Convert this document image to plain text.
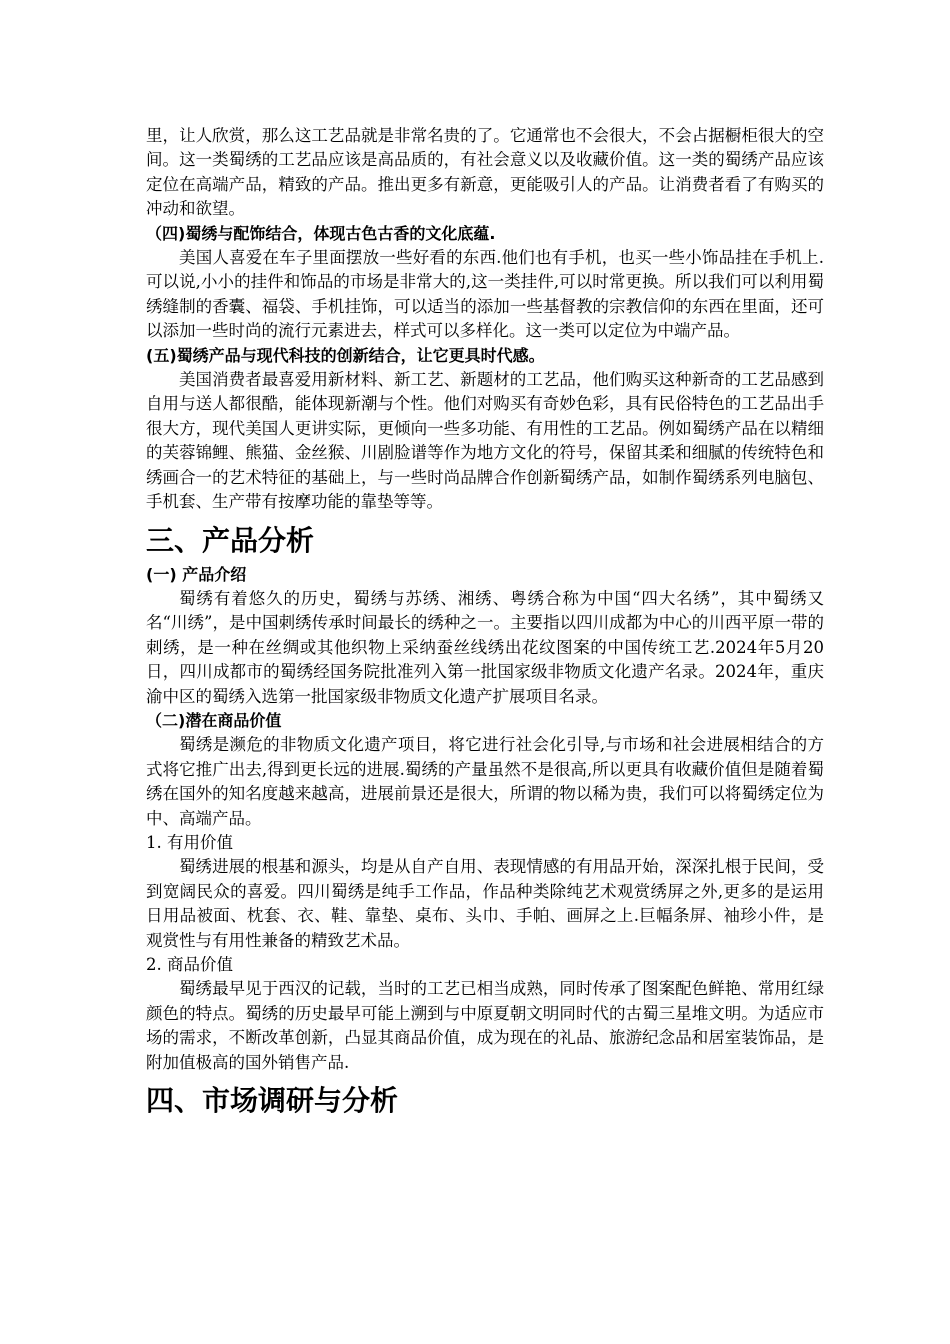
里，让人欣赏，那么这工艺品就是非常名贵的了。它通常也不会很大，不会占据橱柜很大的空间。这一类蜀绣的工艺品应该是高品质的，有社会意义以及收藏价值。这一类的蜀绣产品应该定位在高端产品，精致的产品。推出更多有新意，更能吸引人的产品。让消费者看了有购买的冲动和欲望。

（四)蜀绣与配饰结合，体现古色古香的文化底蕴.

美国人喜爱在车子里面摆放一些好看的东西.他们也有手机，也买一些小饰品挂在手机上.可以说,小小的挂件和饰品的市场是非常大的,这一类挂件,可以时常更换。所以我们可以利用蜀绣缝制的香囊、福袋、手机挂饰，可以适当的添加一些基督教的宗教信仰的东西在里面，还可以添加一些时尚的流行元素进去，样式可以多样化。这一类可以定位为中端产品。

(五)蜀绣产品与现代科技的创新结合，让它更具时代感。

美国消费者最喜爱用新材料、新工艺、新题材的工艺品，他们购买这种新奇的工艺品感到自用与送人都很酷，能体现新潮与个性。他们对购买有奇妙色彩，具有民俗特色的工艺品出手很大方，现代美国人更讲实际，更倾向一些多功能、有用性的工艺品。例如蜀绣产品在以精细的芙蓉锦鲤、熊猫、金丝猴、川剧脸谱等作为地方文化的符号，保留其柔和细腻的传统特色和绣画合一的艺术特征的基础上，与一些时尚品牌合作创新蜀绣产品，如制作蜀绣系列电脑包、手机套、生产带有按摩功能的靠垫等等。

三、产品分析

(一) 产品介绍

蜀绣有着悠久的历史，蜀绣与苏绣、湘绣、粤绣合称为中国“四大名绣”，其中蜀绣又名“川绣”，是中国刺绣传承时间最长的绣种之一。主要指以四川成都为中心的川西平原一带的刺绣，是一种在丝绸或其他织物上采纳蚕丝线绣出花纹图案的中国传统工艺.2024年5月20日，四川成都市的蜀绣经国务院批准列入第一批国家级非物质文化遗产名录。2024年，重庆渝中区的蜀绣入选第一批国家级非物质文化遗产扩展项目名录。

（二)潜在商品价值

蜀绣是濒危的非物质文化遗产项目，将它进行社会化引导,与市场和社会进展相结合的方式将它推广出去,得到更长远的进展.蜀绣的产量虽然不是很高,所以更具有收藏价值但是随着蜀绣在国外的知名度越来越高，进展前景还是很大，所谓的物以稀为贵，我们可以将蜀绣定位为中、高端产品。

1. 有用价值

蜀绣进展的根基和源头，均是从自产自用、表现情感的有用品开始，深深扎根于民间，受到宽阔民众的喜爱。四川蜀绣是纯手工作品，作品种类除纯艺术观赏绣屏之外,更多的是运用日用品被面、枕套、衣、鞋、靠垫、桌布、头巾、手帕、画屏之上.巨幅条屏、袖珍小件，是观赏性与有用性兼备的精致艺术品。

2. 商品价值

蜀绣最早见于西汉的记载，当时的工艺已相当成熟，同时传承了图案配色鲜艳、常用红绿颜色的特点。蜀绣的历史最早可能上溯到与中原夏朝文明同时代的古蜀三星堆文明。为适应市场的需求，不断改革创新，凸显其商品价值，成为现在的礼品、旅游纪念品和居室装饰品，是附加值极高的国外销售产品.

四、市场调研与分析
